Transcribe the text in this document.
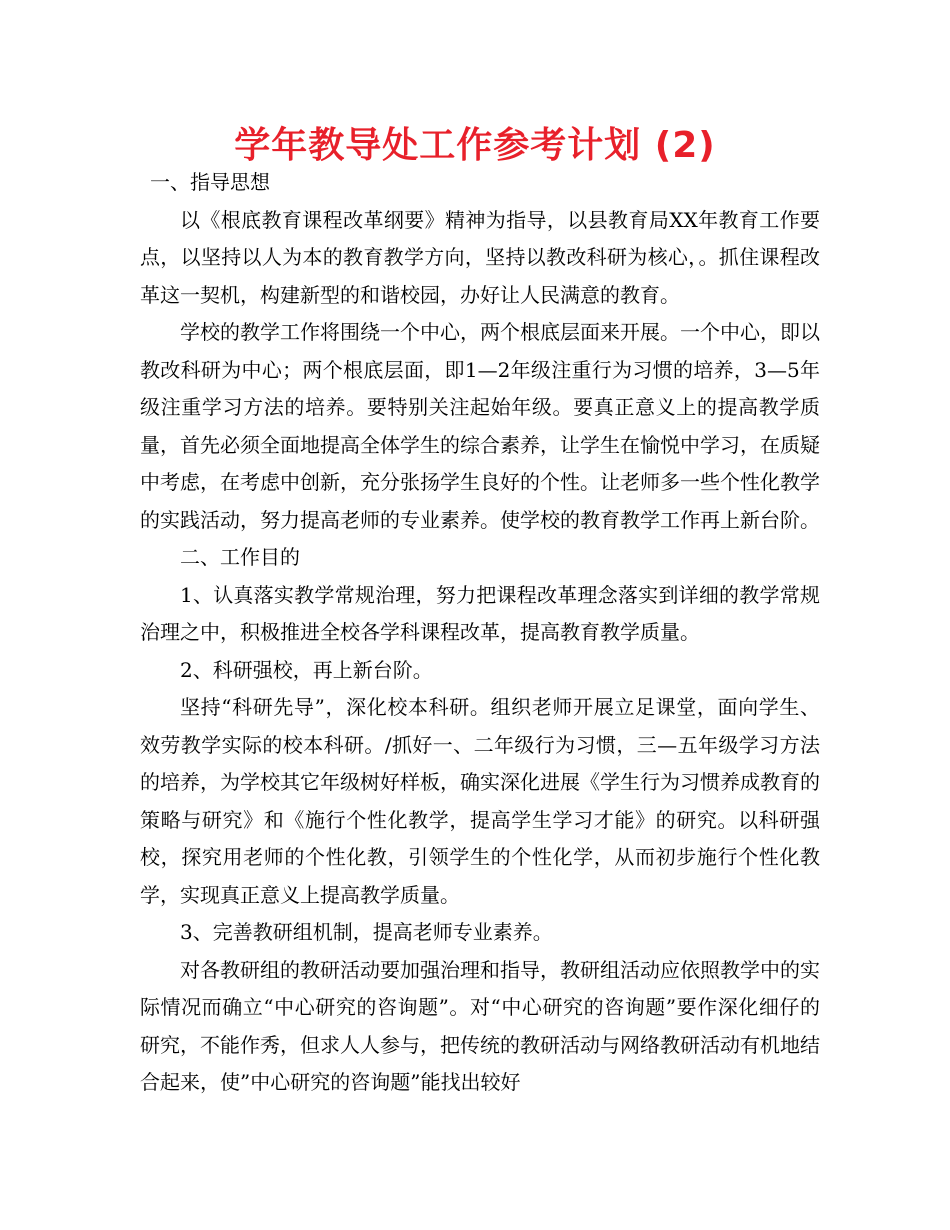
学年教导处工作参考计划 (2)

一、指导思想

以《根底教育课程改革纲要》精神为指导，以县教育局XX年教育工作要点，以坚持以人为本的教育教学方向，坚持以教改科研为核心，。抓住课程改革这一契机，构建新型的和谐校园，办好让人民满意的教育。

学校的教学工作将围绕一个中心，两个根底层面来开展。一个中心，即以教改科研为中心；两个根底层面，即1—2年级注重行为习惯的培养，3—5年级注重学习方法的培养。要特别关注起始年级。要真正意义上的提高教学质量，首先必须全面地提高全体学生的综合素养，让学生在愉悦中学习，在质疑中考虑，在考虑中创新，充分张扬学生良好的个性。让老师多一些个性化教学的实践活动，努力提高老师的专业素养。使学校的教育教学工作再上新台阶。

二、工作目的

1、认真落实教学常规治理，努力把课程改革理念落实到详细的教学常规治理之中，积极推进全校各学科课程改革，提高教育教学质量。

2、科研强校，再上新台阶。

坚持“科研先导”，深化校本科研。组织老师开展立足课堂，面向学生、效劳教学实际的校本科研。/抓好一、二年级行为习惯，三—五年级学习方法的培养，为学校其它年级树好样板，确实深化进展《学生行为习惯养成教育的策略与研究》和《施行个性化教学，提高学生学习才能》的研究。以科研强校，探究用老师的个性化教，引领学生的个性化学，从而初步施行个性化教学，实现真正意义上提高教学质量。

3、完善教研组机制，提高老师专业素养。

对各教研组的教研活动要加强治理和指导，教研组活动应依照教学中的实际情况而确立“中心研究的咨询题”。对“中心研究的咨询题”要作深化细仔的研究，不能作秀，但求人人参与，把传统的教研活动与网络教研活动有机地结合起来，使”中心研究的咨询题”能找出较好
